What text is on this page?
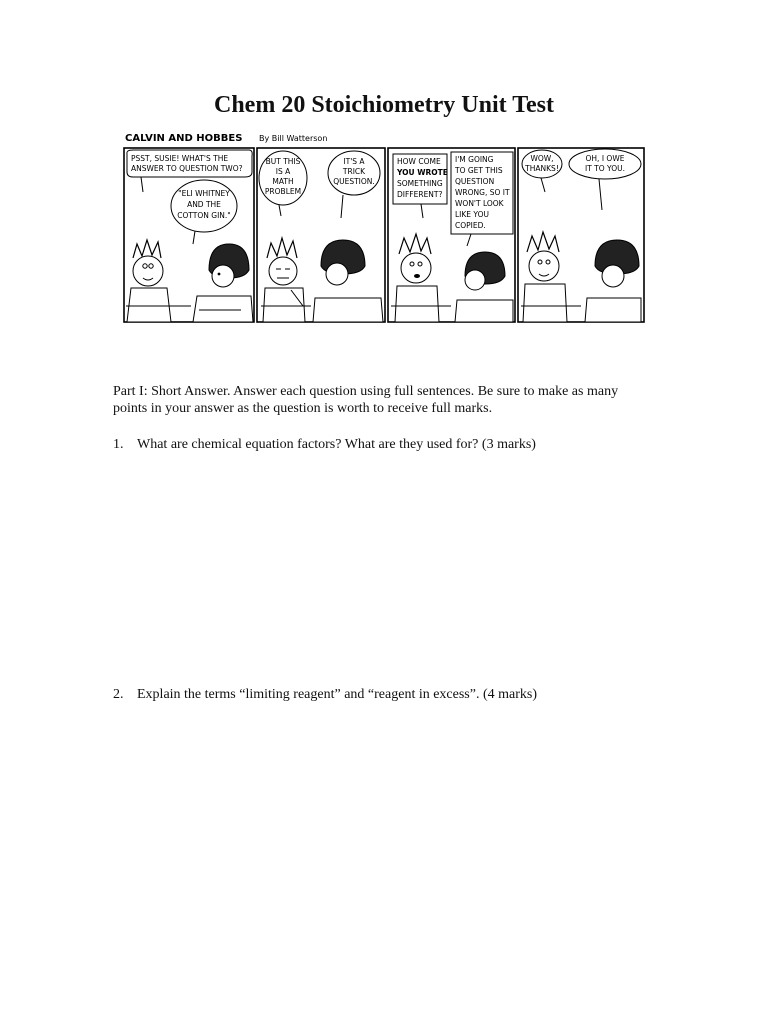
Chem 20 Stoichiometry Unit Test
CALVIN AND HOBBES By Bill Watterson
PSST, SUSIE! WHAT'S THE
ANSWER TO QUESTION TWO?
"ELI WHITNEY
AND THE
COTTON GIN."
BUT THIS
IS A
MATH
PROBLEM
IT'S A
TRICK
QUESTION.
HOW COME
YOU WROTE
SOMETHING
DIFFERENT?
I'M GOING
TO GET THIS
QUESTION
WRONG, SO IT
WON'T LOOK
LIKE YOU
COPIED.
WOW,
THANKS!
OH, I OWE
IT TO YOU.

Part I: Short Answer. Answer each question using full sentences. Be sure to make as many points in your answer as the question is worth to receive full marks.

1. What are chemical equation factors? What are they used for? (3 marks)
2. Explain the terms “limiting reagent” and “reagent in excess”. (4 marks)
